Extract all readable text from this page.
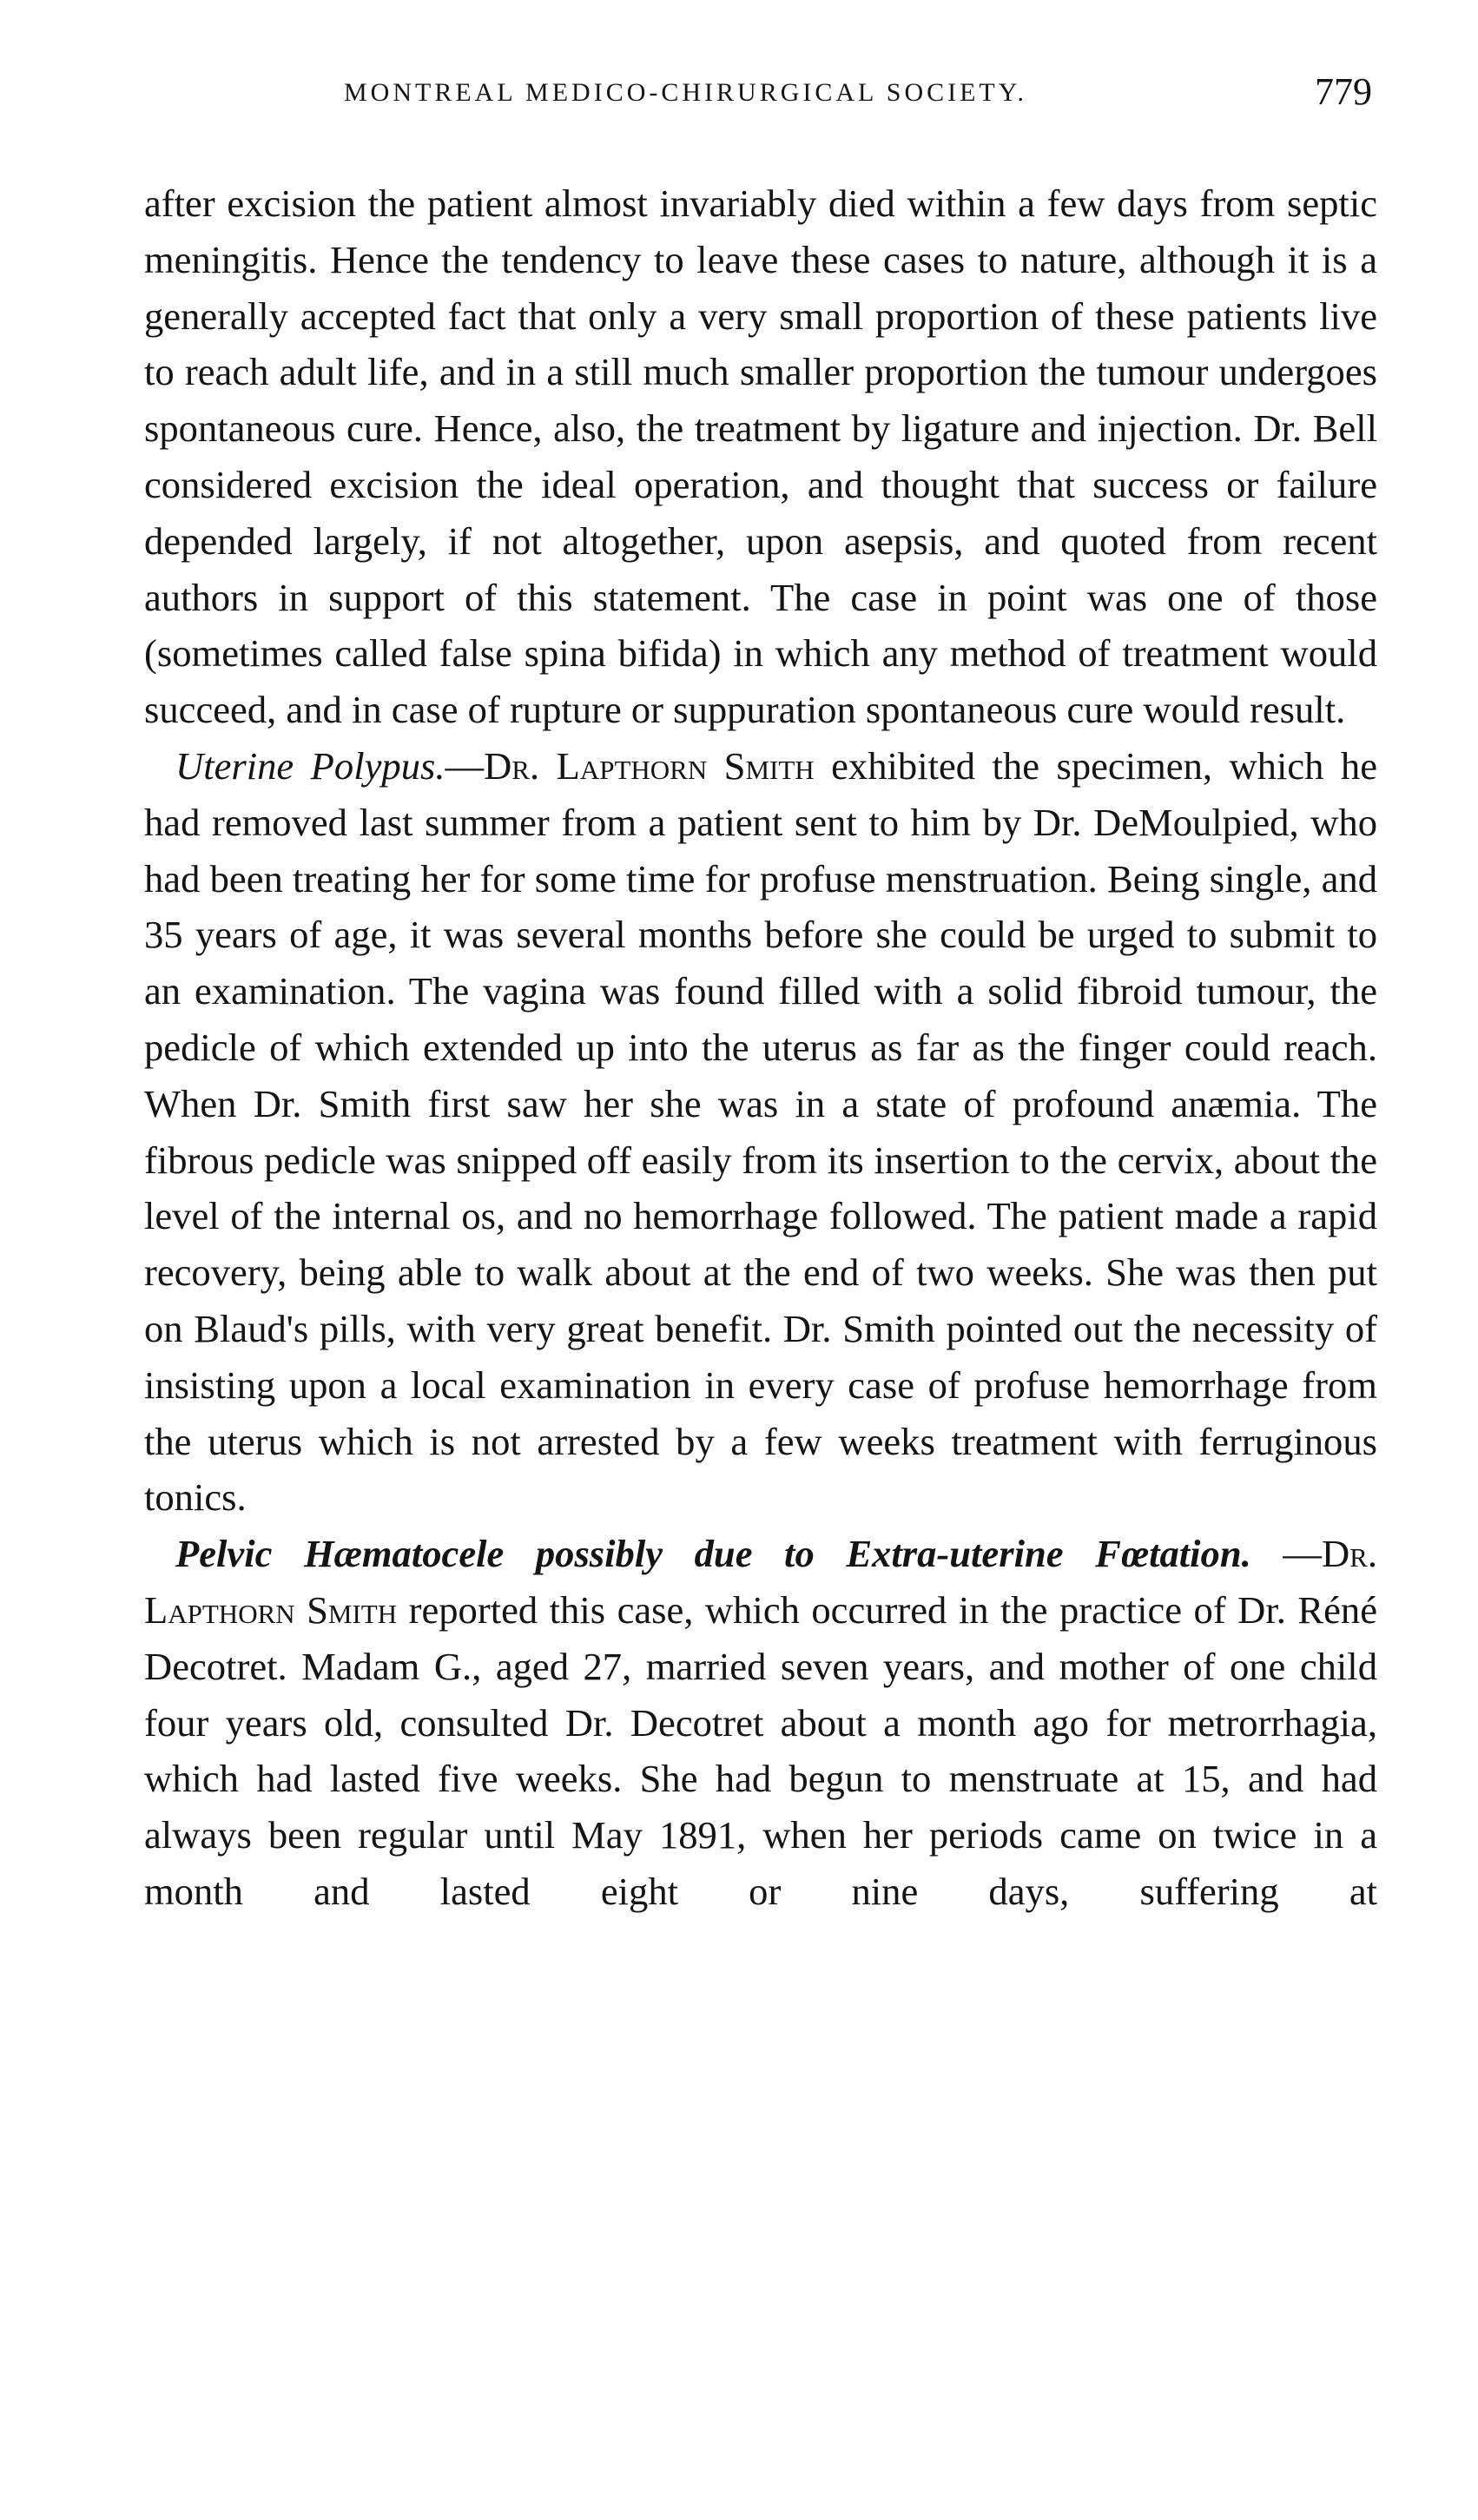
MONTREAL MEDICO-CHIRURGICAL SOCIETY.	779

after excision the patient almost invariably died within a few days from septic meningitis. Hence the tendency to leave these cases to nature, although it is a generally accepted fact that only a very small proportion of these patients live to reach adult life, and in a still much smaller proportion the tumour undergoes spontaneous cure. Hence, also, the treatment by ligature and injection. Dr. Bell considered excision the ideal operation, and thought that success or failure depended largely, if not altogether, upon asepsis, and quoted from recent authors in support of this statement. The case in point was one of those (sometimes called false spina bifida) in which any method of treatment would succeed, and in case of rupture or suppuration spontaneous cure would result.

Uterine Polypus.—Dr. Lapthorn Smith exhibited the specimen, which he had removed last summer from a patient sent to him by Dr. DeMoulpied, who had been treating her for some time for profuse menstruation. Being single, and 35 years of age, it was several months before she could be urged to submit to an examination. The vagina was found filled with a solid fibroid tumour, the pedicle of which extended up into the uterus as far as the finger could reach. When Dr. Smith first saw her she was in a state of profound anæmia. The fibrous pedicle was snipped off easily from its insertion to the cervix, about the level of the internal os, and no hemorrhage followed. The patient made a rapid recovery, being able to walk about at the end of two weeks. She was then put on Blaud's pills, with very great benefit. Dr. Smith pointed out the necessity of insisting upon a local examination in every case of profuse hemorrhage from the uterus which is not arrested by a few weeks treatment with ferruginous tonics.

Pelvic Hæmatocele possibly due to Extra-uterine Fœtation. —Dr. Lapthorn Smith reported this case, which occurred in the practice of Dr. Réné Decotret. Madam G., aged 27, married seven years, and mother of one child four years old, consulted Dr. Decotret about a month ago for metrorrhagia, which had lasted five weeks. She had begun to menstruate at 15, and had always been regular until May 1891, when her periods came on twice in a month and lasted eight or nine days, suffering at
